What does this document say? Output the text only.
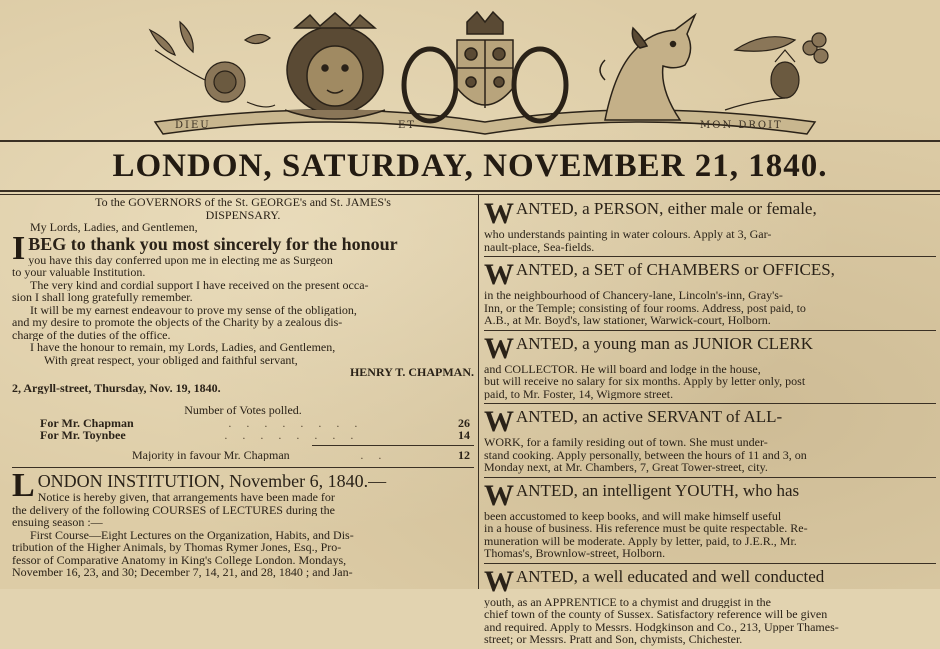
DIEU	ET	MON DROIT
LONDON, SATURDAY, NOVEMBER 21, 1840.

To the GOVERNORS of the St. GEORGE's and St. JAMES's

DISPENSARY.

My Lords, Ladies, and Gentlemen,

I BEG to thank you most sincerely for the honour

you have this day conferred upon me in electing me as Surgeon

to your valuable Institution.

The very kind and cordial support I have received on the present occa-

sion I shall long gratefully remember.

It will be my earnest endeavour to prove my sense of the obligation,

and my desire to promote the objects of the Charity by a zealous dis-

charge of the duties of the office.

I have the honour to remain, my Lords, Ladies, and Gentlemen,

With great respect, your obliged and faithful servant,

HENRY T. CHAPMAN.

2, Argyll-street, Thursday, Nov. 19, 1840.

Number of Votes polled.

For Mr. Chapman	. . . . . . . .	26
For Mr. Toynbee	. . . . . . . .	14
Majority in favour Mr. Chapman	. .	12
L ONDON INSTITUTION, November 6, 1840.—

Notice is hereby given, that arrangements have been made for

the delivery of the following COURSES of LECTURES during the

ensuing season :—

First Course—Eight Lectures on the Organization, Habits, and Dis-

tribution of the Higher Animals, by Thomas Rymer Jones, Esq., Pro-

fessor of Comparative Anatomy in King's College London. Mondays,

November 16, 23, and 30; December 7, 14, 21, and 28, 1840 ; and Jan-

WANTED, a PERSON, either male or female,

who understands painting in water colours. Apply at 3, Gar-

nault-place, Sea-fields.

WANTED, a SET of CHAMBERS or OFFICES,

in the neighbourhood of Chancery-lane, Lincoln's-inn, Gray's-

Inn, or the Temple; consisting of four rooms. Address, post paid, to

A.B., at Mr. Boyd's, law stationer, Warwick-court, Holborn.

WANTED, a young man as JUNIOR CLERK

and COLLECTOR. He will board and lodge in the house,

but will receive no salary for six months. Apply by letter only, post

paid, to Mr. Foster, 14, Wigmore street.

WANTED, an active SERVANT of ALL-

WORK, for a family residing out of town. She must under-

stand cooking. Apply personally, between the hours of 11 and 3, on

Monday next, at Mr. Chambers, 7, Great Tower-street, city.

WANTED, an intelligent YOUTH, who has

been accustomed to keep books, and will make himself useful

in a house of business. His reference must be quite respectable. Re-

muneration will be moderate. Apply by letter, paid, to J.E.R., Mr.

Thomas's, Brownlow-street, Holborn.

WANTED, a well educated and well conducted

youth, as an APPRENTICE to a chymist and druggist in the

chief town of the county of Sussex. Satisfactory reference will be given

and required. Apply to Messrs. Hodgkinson and Co., 213, Upper Thames-

street; or Messrs. Pratt and Son, chymists, Chichester.
